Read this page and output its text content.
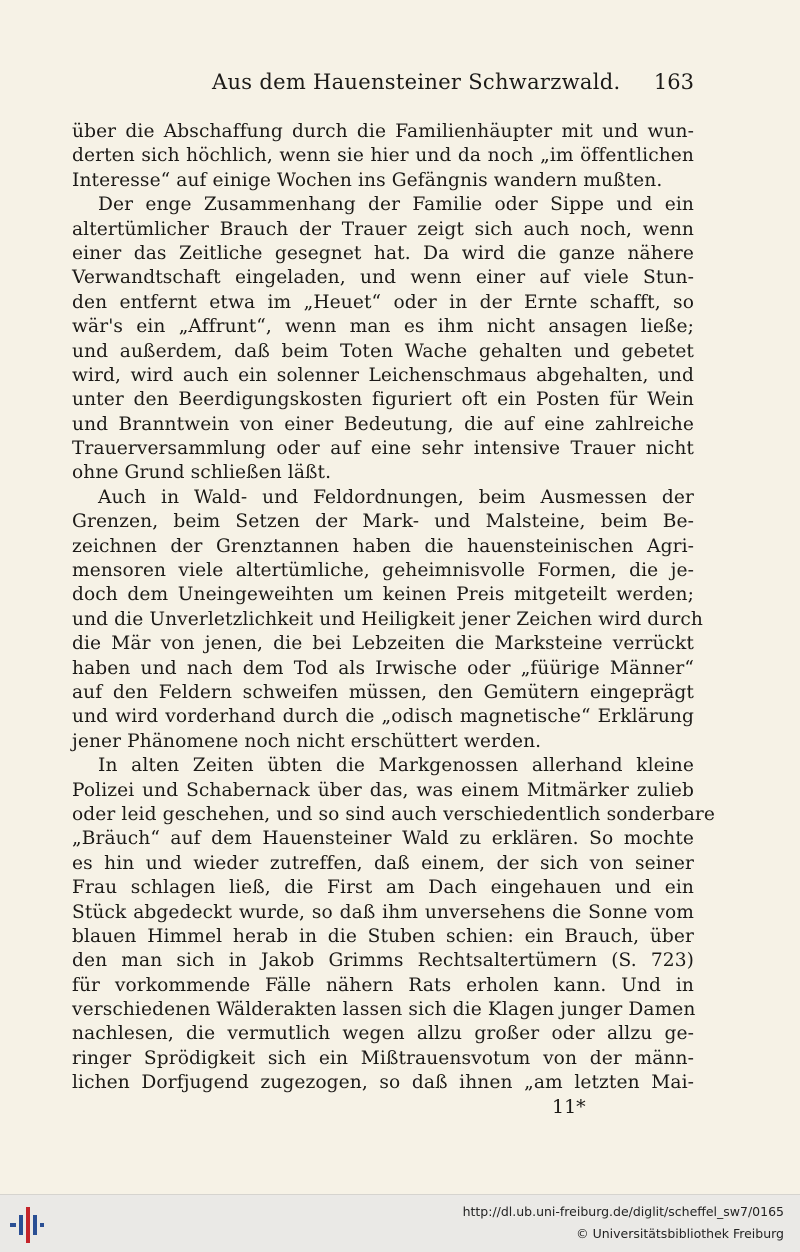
Aus dem Hauensteiner Schwarzwald. 163
über die Abschaffung durch die Familienhäupter mit und wun-
derten sich höchlich, wenn sie hier und da noch „im öffentlichen
Interesse“ auf einige Wochen ins Gefängnis wandern mußten.
Der enge Zusammenhang der Familie oder Sippe und ein
altertümlicher Brauch der Trauer zeigt sich auch noch, wenn
einer das Zeitliche gesegnet hat. Da wird die ganze nähere
Verwandtschaft eingeladen, und wenn einer auf viele Stun-
den entfernt etwa im „Heuet“ oder in der Ernte schafft, so
wär's ein „Affrunt“, wenn man es ihm nicht ansagen ließe;
und außerdem, daß beim Toten Wache gehalten und gebetet
wird, wird auch ein solenner Leichenschmaus abgehalten, und
unter den Beerdigungskosten figuriert oft ein Posten für Wein
und Branntwein von einer Bedeutung, die auf eine zahlreiche
Trauerversammlung oder auf eine sehr intensive Trauer nicht
ohne Grund schließen läßt.
Auch in Wald- und Feldordnungen, beim Ausmessen der
Grenzen, beim Setzen der Mark- und Malsteine, beim Be-
zeichnen der Grenztannen haben die hauensteinischen Agri-
mensoren viele altertümliche, geheimnisvolle Formen, die je-
doch dem Uneingeweihten um keinen Preis mitgeteilt werden;
und die Unverletzlichkeit und Heiligkeit jener Zeichen wird durch
die Mär von jenen, die bei Lebzeiten die Marksteine verrückt
haben und nach dem Tod als Irwische oder „füürige Männer“
auf den Feldern schweifen müssen, den Gemütern eingeprägt
und wird vorderhand durch die „odisch magnetische“ Erklärung
jener Phänomene noch nicht erschüttert werden.
In alten Zeiten übten die Markgenossen allerhand kleine
Polizei und Schabernack über das, was einem Mitmärker zulieb
oder leid geschehen, und so sind auch verschiedentlich sonderbare
„Bräuch“ auf dem Hauensteiner Wald zu erklären. So mochte
es hin und wieder zutreffen, daß einem, der sich von seiner
Frau schlagen ließ, die First am Dach eingehauen und ein
Stück abgedeckt wurde, so daß ihm unversehens die Sonne vom
blauen Himmel herab in die Stuben schien: ein Brauch, über
den man sich in Jakob Grimms Rechtsaltertümern (S. 723)
für vorkommende Fälle nähern Rats erholen kann. Und in
verschiedenen Wälderakten lassen sich die Klagen junger Damen
nachlesen, die vermutlich wegen allzu großer oder allzu ge-
ringer Sprödigkeit sich ein Mißtrauensvotum von der männ-
lichen Dorfjugend zugezogen, so daß ihnen „am letzten Mai-
11*
http://dl.ub.uni-freiburg.de/diglit/scheffel_sw7/0165
© Universitätsbibliothek Freiburg
